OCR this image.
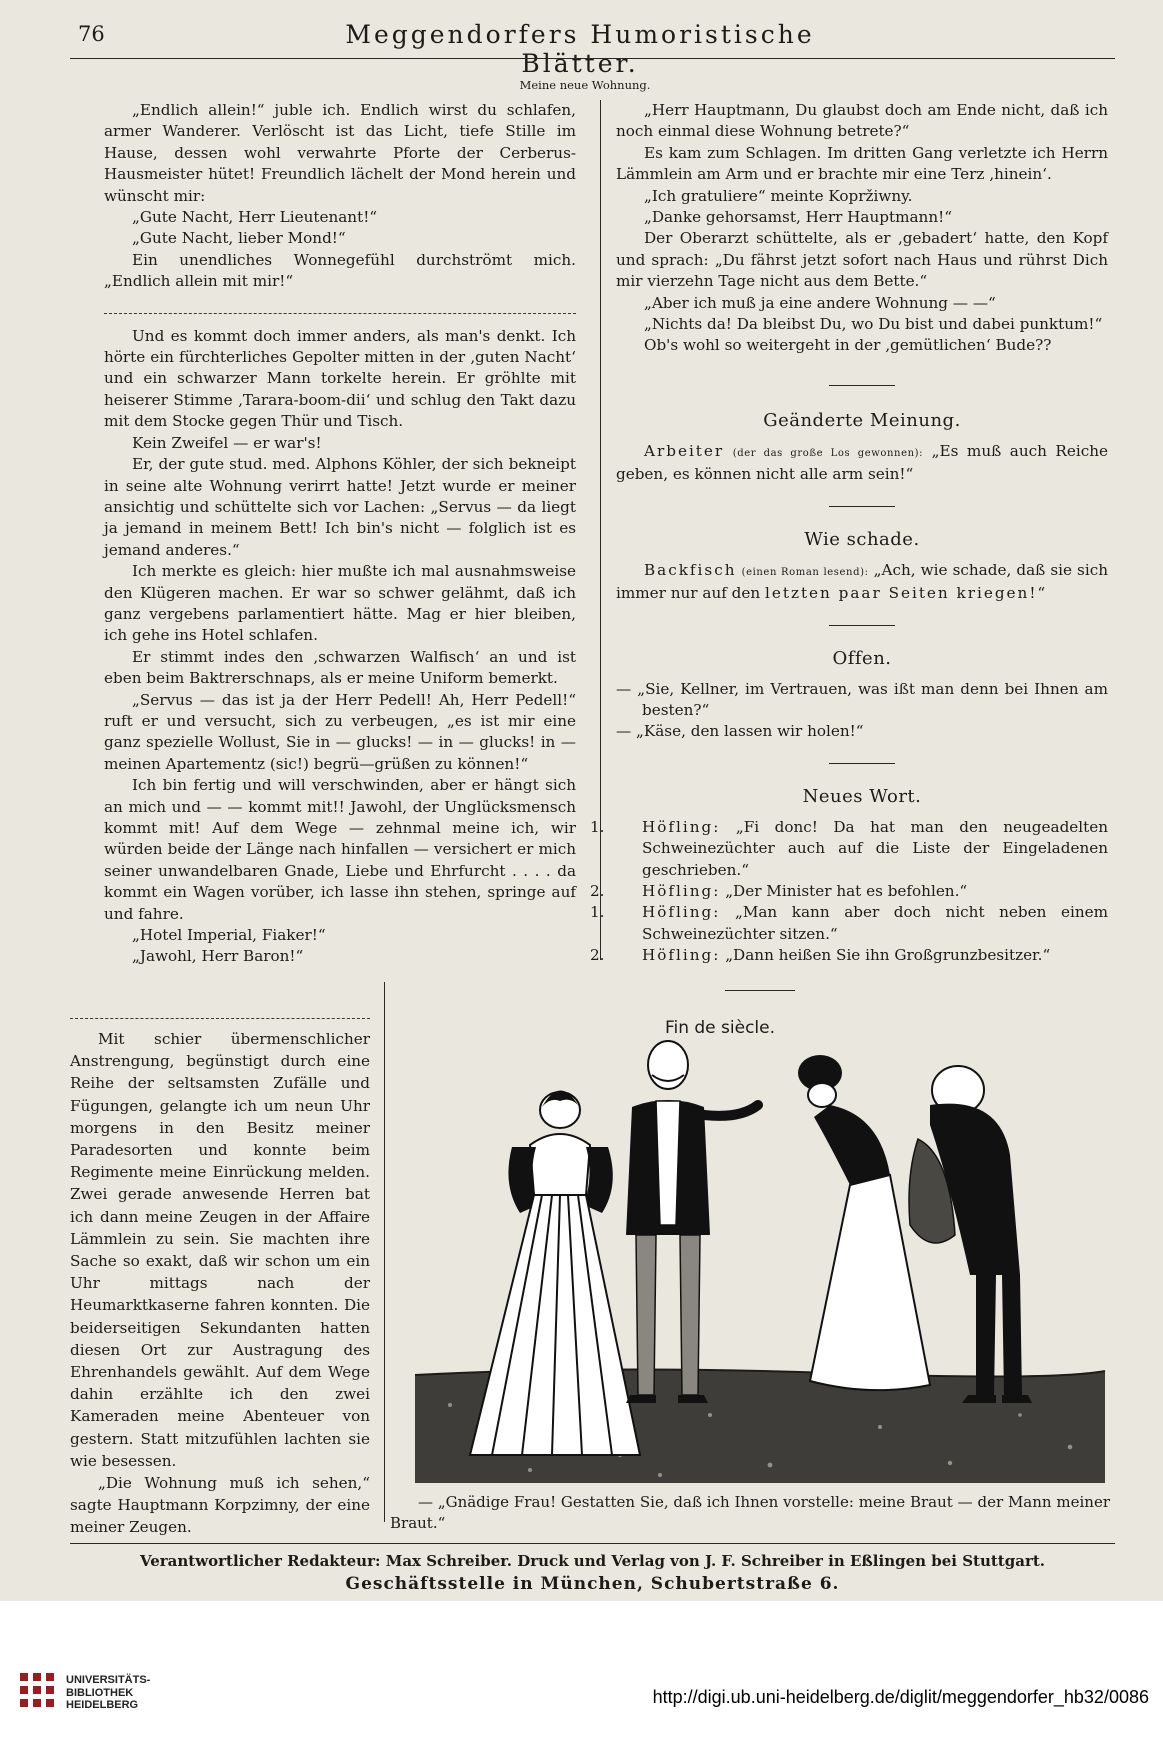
76	Meggendorfers Humoristische Blätter.
Meine neue Wohnung.

„Endlich allein!“ juble ich. Endlich wirst du schlafen, armer Wanderer. Verlöscht ist das Licht, tiefe Stille im Hause, dessen wohl verwahrte Pforte der Cerberus-Hausmeister hütet! Freundlich lächelt der Mond herein und wünscht mir:

„Gute Nacht, Herr Lieutenant!“

„Gute Nacht, lieber Mond!“

Ein unendliches Wonnegefühl durchströmt mich. „Endlich allein mit mir!“

Und es kommt doch immer anders, als man's denkt. Ich hörte ein fürchterliches Gepolter mitten in der ‚guten Nacht‘ und ein schwarzer Mann torkelte herein. Er gröhlte mit heiserer Stimme ‚Tarara-boom-dii‘ und schlug den Takt dazu mit dem Stocke gegen Thür und Tisch.

Kein Zweifel — er war's!

Er, der gute stud. med. Alphons Köhler, der sich bekneipt in seine alte Wohnung verirrt hatte! Jetzt wurde er meiner ansichtig und schüttelte sich vor Lachen: „Servus — da liegt ja jemand in meinem Bett! Ich bin's nicht — folglich ist es jemand anderes.“

Ich merkte es gleich: hier mußte ich mal ausnahmsweise den Klügeren machen. Er war so schwer gelähmt, daß ich ganz vergebens parlamentiert hätte. Mag er hier bleiben, ich gehe ins Hotel schlafen.

Er stimmt indes den ‚schwarzen Walfisch‘ an und ist eben beim Baktrerschnaps, als er meine Uniform bemerkt.

„Servus — das ist ja der Herr Pedell! Ah, Herr Pedell!“ ruft er und versucht, sich zu verbeugen, „es ist mir eine ganz spezielle Wollust, Sie in — glucks! — in — glucks! in — meinen Apartementz (sic!) begrü—grüßen zu können!“

Ich bin fertig und will verschwinden, aber er hängt sich an mich und — — kommt mit!! Jawohl, der Unglücksmensch kommt mit! Auf dem Wege — zehnmal meine ich, wir würden beide der Länge nach hinfallen — versichert er mich seiner unwandelbaren Gnade, Liebe und Ehrfurcht . . . . da kommt ein Wagen vorüber, ich lasse ihn stehen, springe auf und fahre.

„Hotel Imperial, Fiaker!“

„Jawohl, Herr Baron!“

Mit schier übermenschlicher Anstrengung, begünstigt durch eine Reihe der seltsamsten Zufälle und Fügungen, gelangte ich um neun Uhr morgens in den Besitz meiner Paradesorten und konnte beim Regimente meine Einrückung melden. Zwei gerade anwesende Herren bat ich dann meine Zeugen in der Affaire Lämmlein zu sein. Sie machten ihre Sache so exakt, daß wir schon um ein Uhr mittags nach der Heumarktkaserne fahren konnten. Die beiderseitigen Sekundanten hatten diesen Ort zur Austragung des Ehrenhandels gewählt. Auf dem Wege dahin erzählte ich den zwei Kameraden meine Abenteuer von gestern. Statt mitzufühlen lachten sie wie besessen.

„Die Wohnung muß ich sehen,“ sagte Hauptmann Korpzimny, der eine meiner Zeugen.

„Herr Hauptmann, Du glaubst doch am Ende nicht, daß ich noch einmal diese Wohnung betrete?“

Es kam zum Schlagen. Im dritten Gang verletzte ich Herrn Lämmlein am Arm und er brachte mir eine Terz ‚hinein‘.

„Ich gratuliere“ meinte Kopržiwny.

„Danke gehorsamst, Herr Hauptmann!“

Der Oberarzt schüttelte, als er ‚gebadert‘ hatte, den Kopf und sprach: „Du fährst jetzt sofort nach Haus und rührst Dich mir vierzehn Tage nicht aus dem Bette.“

„Aber ich muß ja eine andere Wohnung — —“

„Nichts da! Da bleibst Du, wo Du bist und dabei punktum!“

Ob's wohl so weitergeht in der ‚gemütlichen‘ Bude??

Geänderte Meinung.

Arbeiter (der das große Los gewonnen): „Es muß auch Reiche geben, es können nicht alle arm sein!“

Wie schade.

Backfisch (einen Roman lesend): „Ach, wie schade, daß sie sich immer nur auf den letzten paar Seiten kriegen!“

Offen.

— „Sie, Kellner, im Vertrauen, was ißt man denn bei Ihnen am besten?“

— „Käse, den lassen wir holen!“

Neues Wort.

1. Höfling: „Fi donc! Da hat man den neugeadelten Schweinezüchter auch auf die Liste der Eingeladenen geschrieben.“

2. Höfling: „Der Minister hat es befohlen.“

1. Höfling: „Man kann aber doch nicht neben einem Schweinezüchter sitzen.“

2. Höfling: „Dann heißen Sie ihn Großgrunzbesitzer.“

Fin de siècle.
— „Gnädige Frau! Gestatten Sie, daß ich Ihnen vorstelle: meine Braut — der Mann meiner Braut.“
Verantwortlicher Redakteur: Max Schreiber. Druck und Verlag von J. F. Schreiber in Eßlingen bei Stuttgart.
Geschäftsstelle in München, Schubertstraße 6.
UNIVERSITÄTS-
BIBLIOTHEK
HEIDELBERG	http://digi.ub.uni-heidelberg.de/diglit/meggendorfer_hb32/0086
